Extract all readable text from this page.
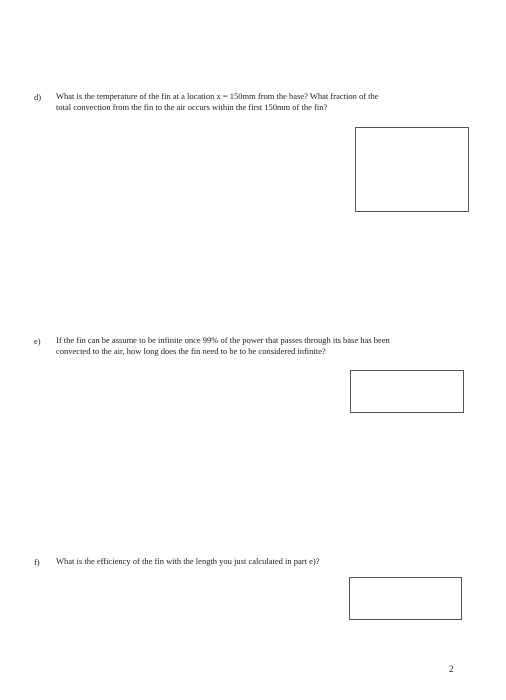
d) What is the temperature of the fin at a location x = 150mm from the base? What fraction of the
total convection from the fin to the air occurs within the first 150mm of the fin?
e) If the fin can be assume to be infinite once 99% of the power that passes through its base has been
convected to the air, how long does the fin need to be to be considered infinite?
f) What is the efficiency of the fin with the length you just calculated in part e)?
2
